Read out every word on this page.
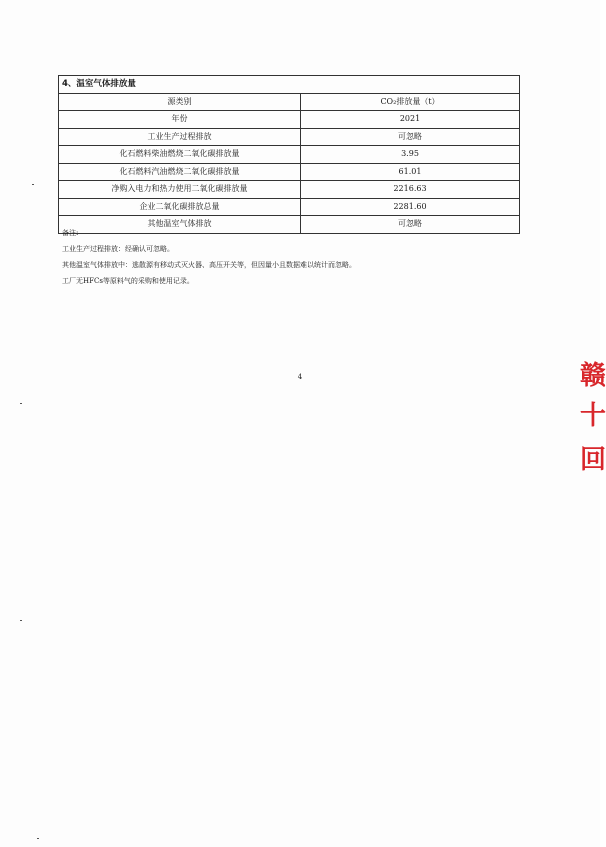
4、温室气体排放量	
源类别	CO₂排放量（t）
年份	2021
工业生产过程排放	可忽略
化石燃料柴油燃烧二氧化碳排放量	3.95
化石燃料汽油燃烧二氧化碳排放量	61.01
净购入电力和热力使用二氧化碳排放量	2216.63
企业二氧化碳排放总量	2281.60
其他温室气体排放	可忽略
备注:
工业生产过程排放：经确认可忽略。
其他温室气体排放中：逃散源有移动式灭火器、高压开关等，但因量小且数据难以统计而忽略。
工厂无HFCs等原料气的采购和使用记录。
4	赣
十
回
